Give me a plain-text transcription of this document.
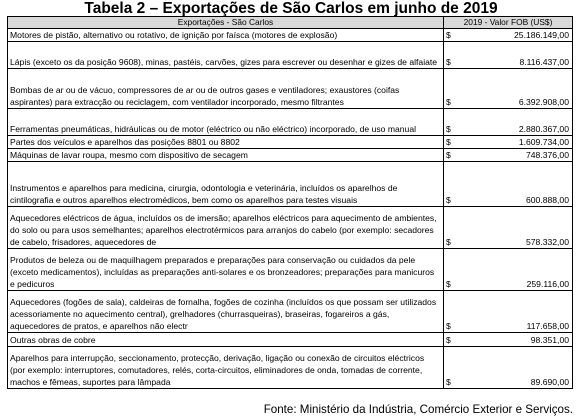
Tabela 2 – Exportações de São Carlos em junho de 2019
Exportações - São Carlos	2019 - Valor FOB (US$)	
Motores de pistão, alternativo ou rotativo, de ignição por faísca (motores de explosão)	$	25.186.149,00
Lápis (exceto os da posição 9608), minas, pastéis, carvões, gizes para escrever ou desenhar e gizes de alfaiate	$	8.116.437,00
Bombas de ar ou de vácuo, compressores de ar ou de outros gases e ventiladores; exaustores (coifas aspirantes) para extracção ou reciclagem, com ventilador incorporado, mesmo filtrantes	$	6.392.908,00
Ferramentas pneumáticas, hidráulicas ou de motor (eléctrico ou não eléctrico) incorporado, de uso manual	$	2.880.367,00
Partes dos veículos e aparelhos das posições 8801 ou 8802	$	1.609.734,00
Máquinas de lavar roupa, mesmo com dispositivo de secagem	$	748.376,00
Instrumentos e aparelhos para medicina, cirurgia, odontologia e veterinária, incluídos os aparelhos de cintilografia e outros aparelhos electromédicos, bem como os aparelhos para testes visuais	$	600.888,00
Aquecedores eléctricos de água, incluídos os de imersão; aparelhos eléctricos para aquecimento de ambientes, do solo ou para usos semelhantes; aparelhos electrotérmicos para arranjos do cabelo (por exemplo: secadores de cabelo, frisadores, aquecedores de	$	578.332,00
Produtos de beleza ou de maquilhagem preparados e preparações para conservação ou cuidados da pele (exceto medicamentos), incluídas as preparações anti-solares e os bronzeadores; preparações para manicuros e pedicuros	$	259.116,00
Aquecedores (fogões de sala), caldeiras de fornalha, fogões de cozinha (incluídos os que possam ser utilizados acessoriamente no aquecimento central), grelhadores (churrasqueiras), braseiras, fogareiros a gás, aquecedores de pratos, e aparelhos não electr	$	117.658,00
Outras obras de cobre	$	98.351,00
Aparelhos para interrupção, seccionamento, protecção, derivação, ligação ou conexão de circuitos eléctricos (por exemplo: interruptores, comutadores, relés, corta-circuitos, eliminadores de onda, tomadas de corrente, machos e fêmeas, suportes para lâmpada	$	89.690,00
Fonte: Ministério da Indústria, Comércio Exterior e Serviços.
